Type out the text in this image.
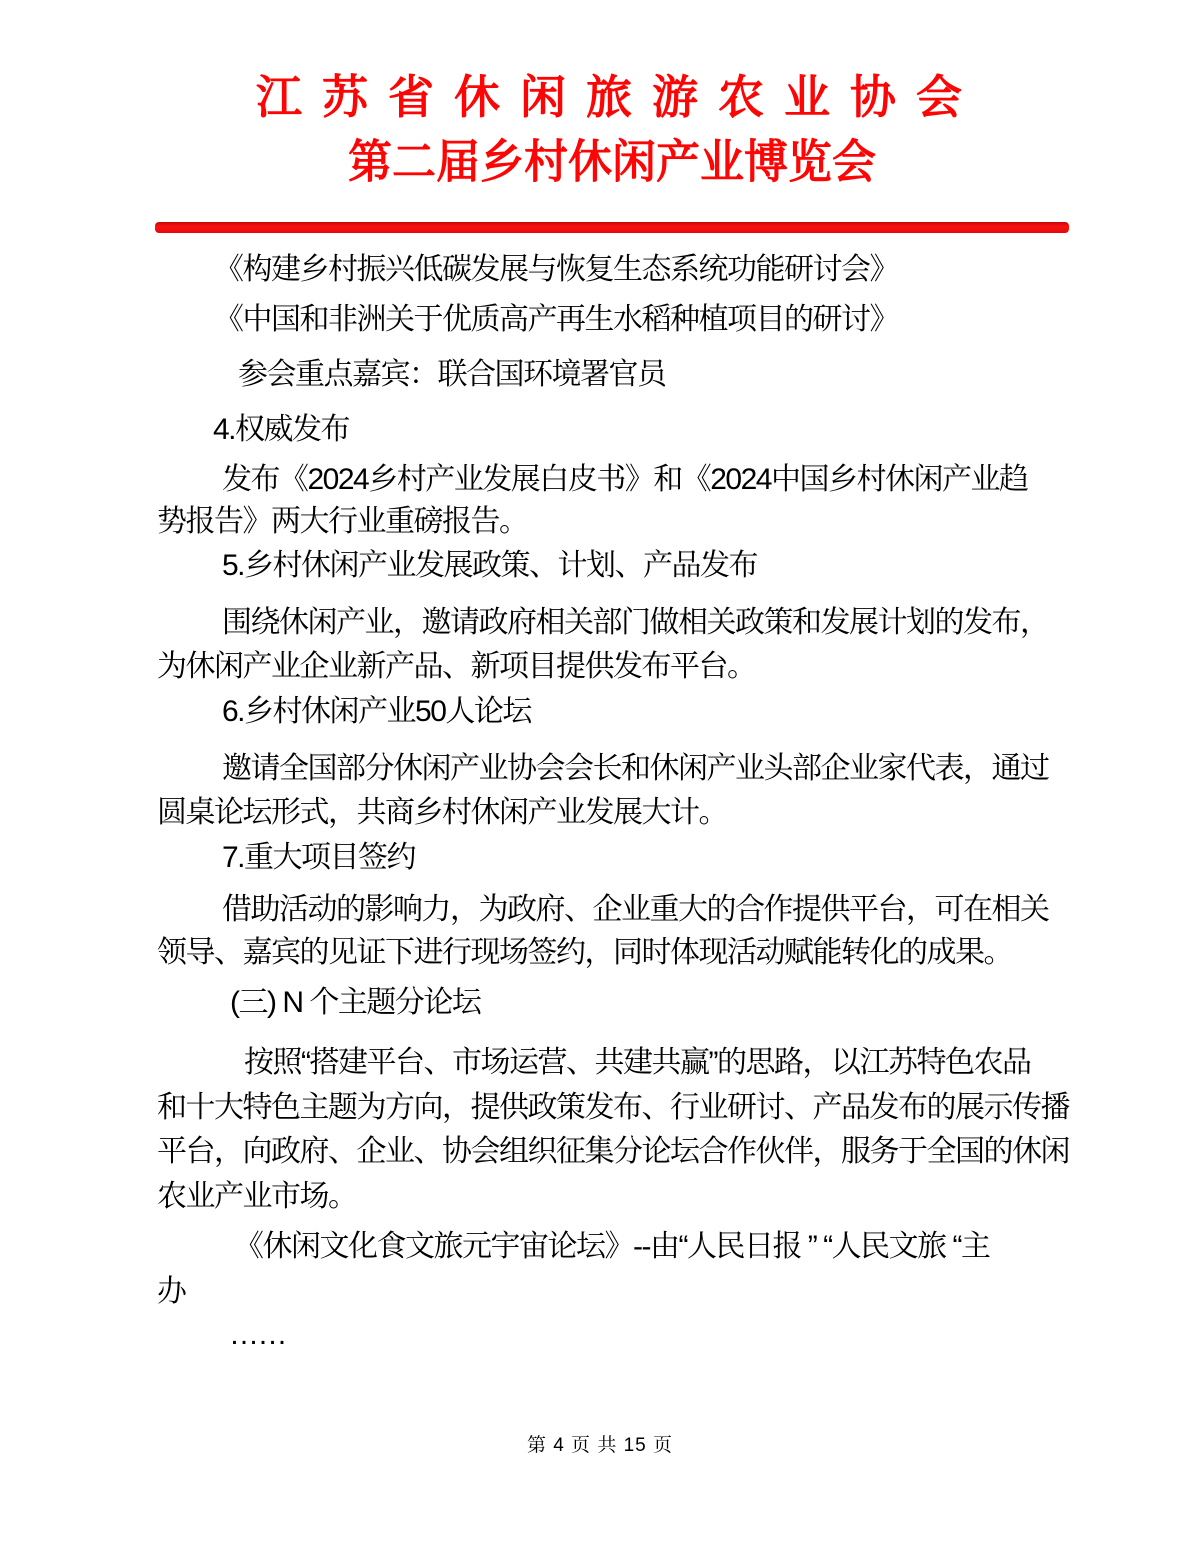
江苏省休闲旅游农业协会
第二届乡村休闲产业博览会
《构建乡村振兴低碳发展与恢复生态系统功能研讨会》
《中国和非洲关于优质高产再生水稻种植项目的研讨》
参会重点嘉宾：联合国环境署官员
4.权威发布
发布《2024乡村产业发展白皮书》和《2024中国乡村休闲产业趋
势报告》两大行业重磅报告。
5.乡村休闲产业发展政策、计划、产品发布
围绕休闲产业，邀请政府相关部门做相关政策和发展计划的发布，
为休闲产业企业新产品、新项目提供发布平台。
6.乡村休闲产业50人论坛
邀请全国部分休闲产业协会会长和休闲产业头部企业家代表，通过
圆桌论坛形式，共商乡村休闲产业发展大计。
7.重大项目签约
借助活动的影响力，为政府、企业重大的合作提供平台，可在相关
领导、嘉宾的见证下进行现场签约，同时体现活动赋能转化的成果。
(三) N 个主题分论坛
按照“搭建平台、市场运营、共建共赢”的思路，以江苏特色农品
和十大特色主题为方向，提供政策发布、行业研讨、产品发布的展示传播
平台，向政府、企业、协会组织征集分论坛合作伙伴，服务于全国的休闲
农业产业市场。
《休闲文化食文旅元宇宙论坛》--由“人民日报 ” “人民文旅 “主
办
……
第 4 页 共 15 页
